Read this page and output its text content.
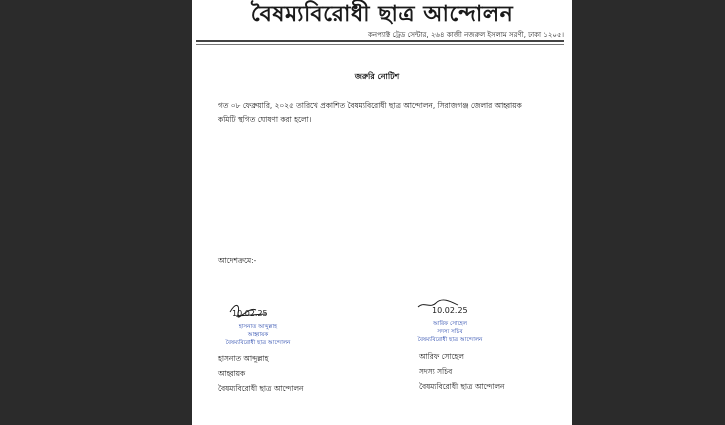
বৈষম্যবিরোধী ছাত্র আন্দোলন
কনপ্যাক্ট ট্রেড সেন্টার, ২৬৪ কাজী নজরুল ইসলাম সরণী, ঢাকা ১২০৫।
জরুরি নোটিশ
গত ০৮ ফেব্রুয়ারি, ২০২৫ তারিখে প্রকাশিত বৈষম্যবিরোধী ছাত্র আন্দোলন, সিরাজগঞ্জ জেলার আহ্বায়ক কমিটি স্থগিত ঘোষণা করা হলো।
আদেশক্রমে:-
10.02.25
হাসনাত আব্দুল্লাহ
আহ্বায়ক
বৈষম্যবিরোধী ছাত্র আন্দোলন
হাসনাত আব্দুল্লাহ
আহ্বায়ক
বৈষম্যবিরোধী ছাত্র আন্দোলন
10.02.25
আরিফ সোহেল
সদস্য সচিব
বৈষম্যবিরোধী ছাত্র আন্দোলন
আরিফ সোহেল
সদস্য সচিব
বৈষম্যবিরোধী ছাত্র আন্দোলন
